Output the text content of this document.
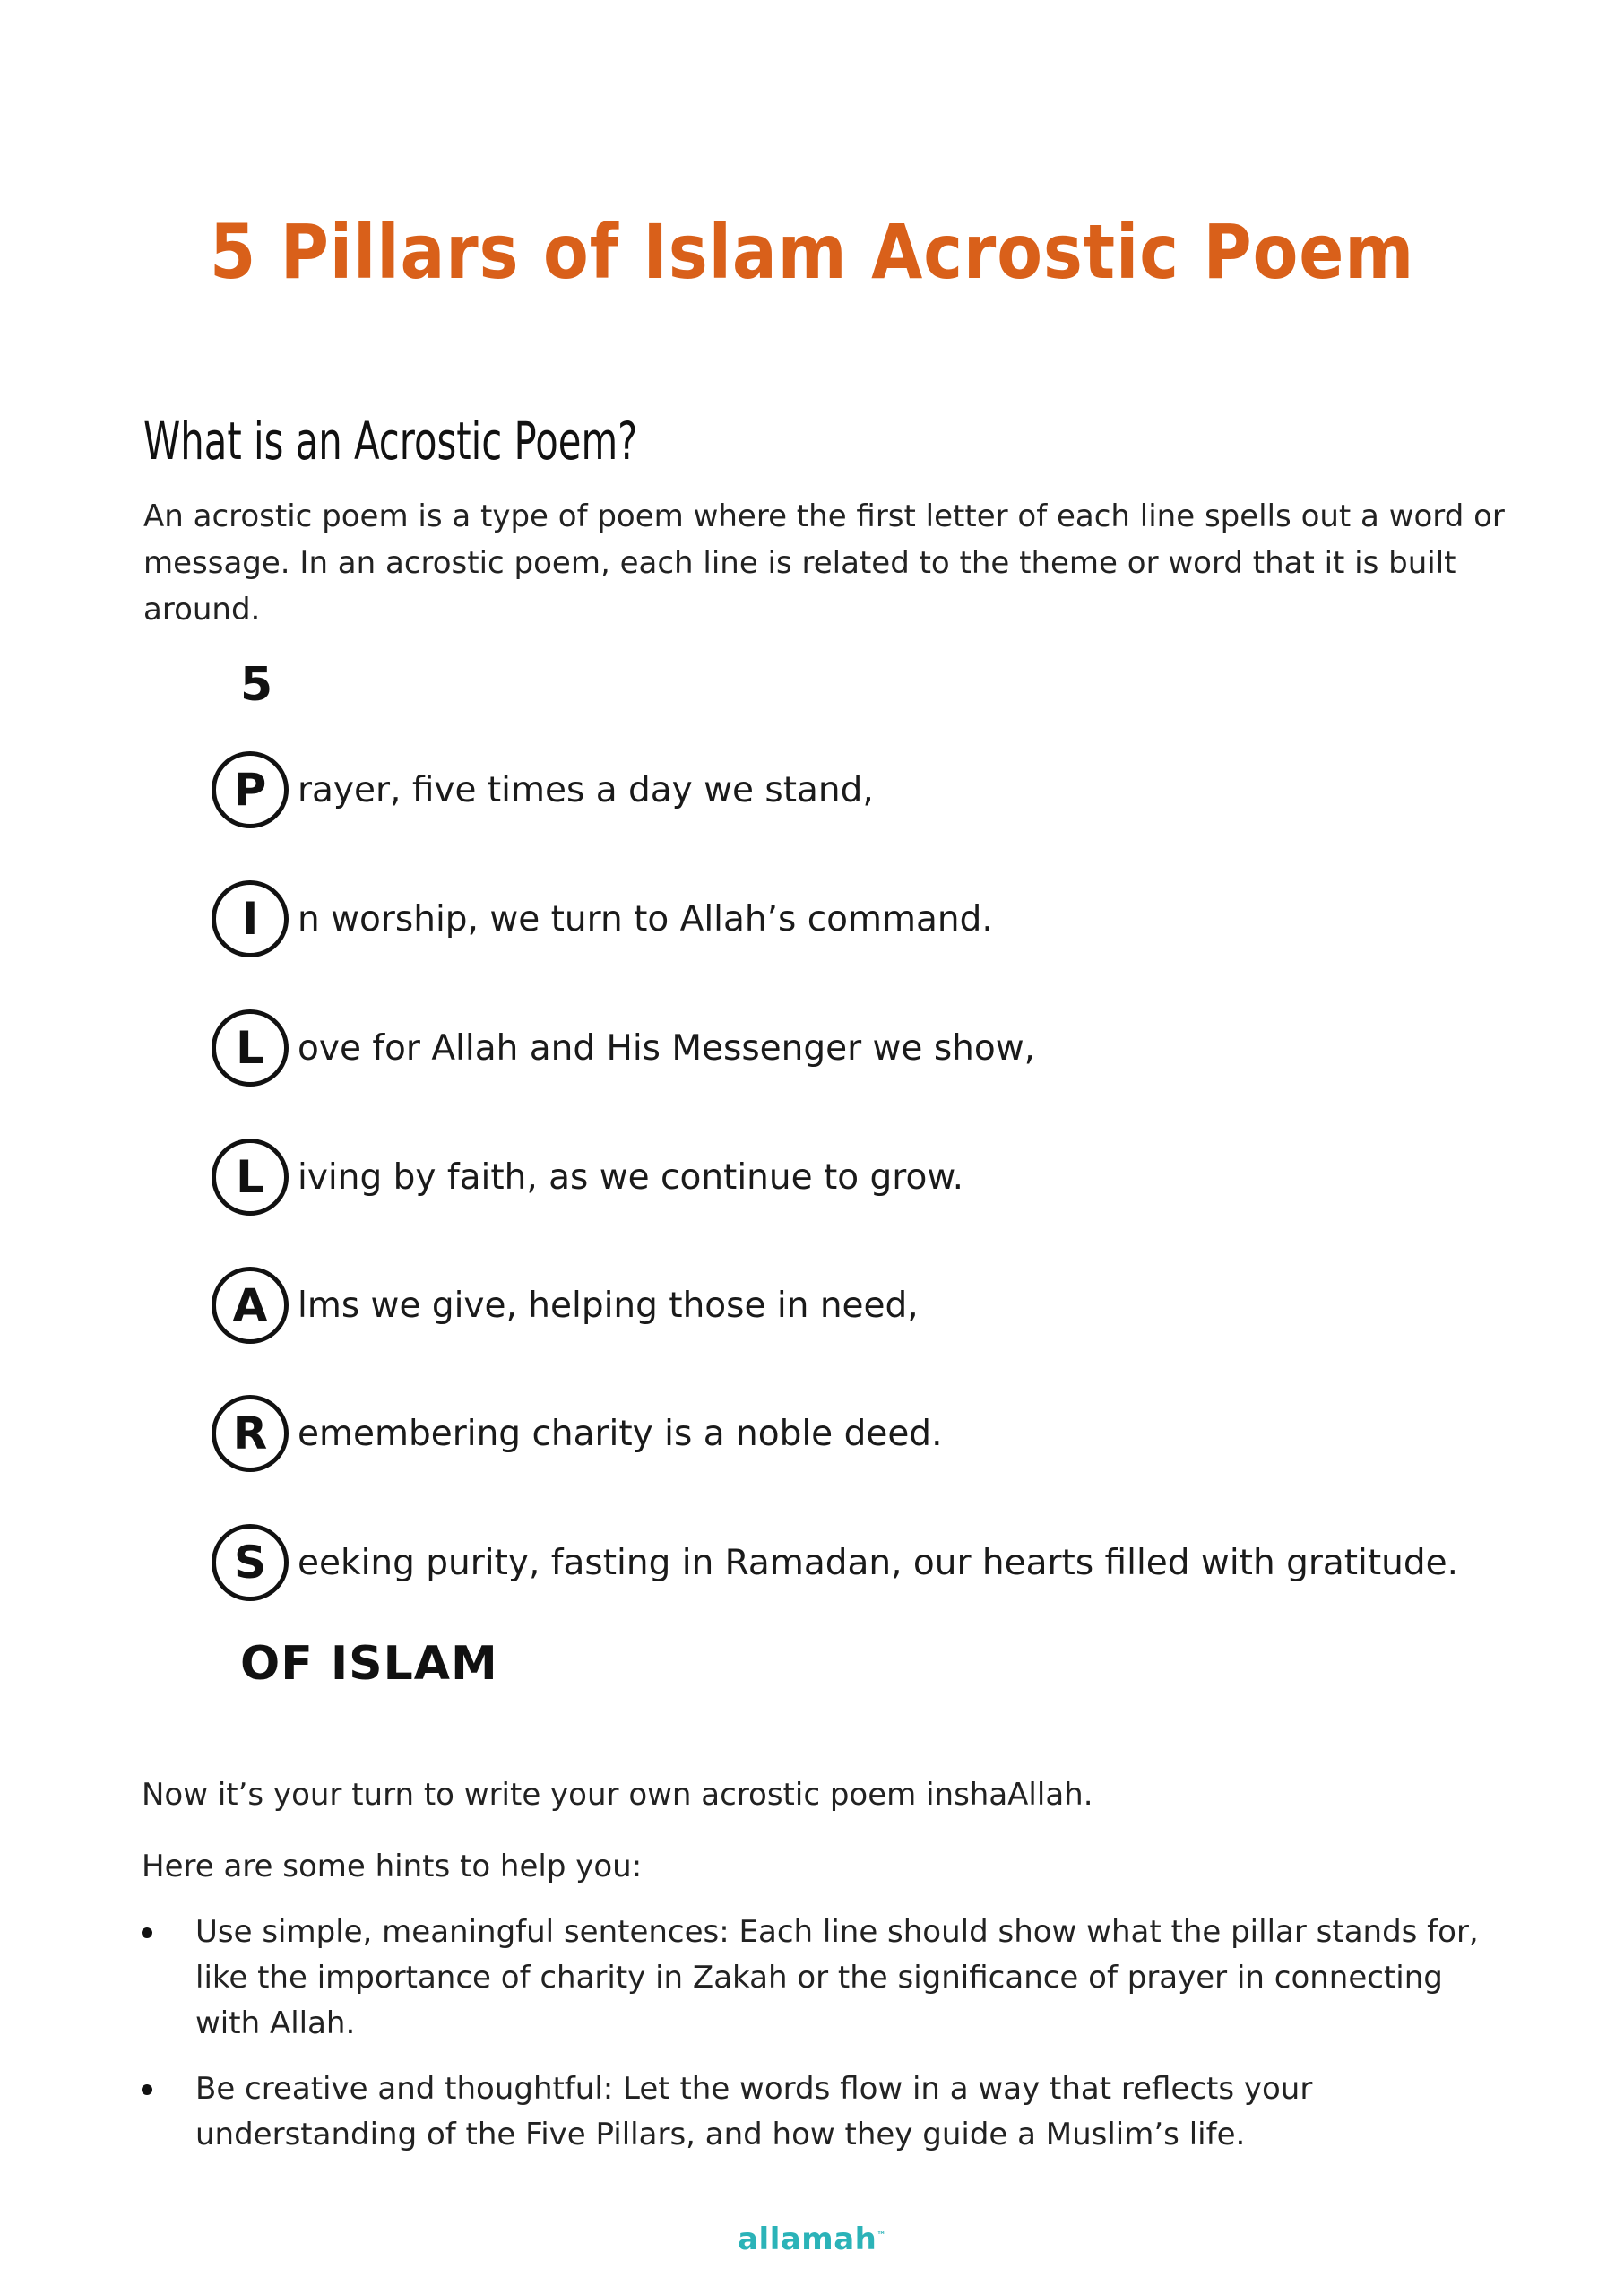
5 Pillars of Islam Acrostic Poem
What is an Acrostic Poem?
An acrostic poem is a type of poem where the first letter of each line spells out a word or message. In an acrostic poem, each line is related to the theme or word that it is built around.
5
P rayer, five times a day we stand,
I	n worship, we turn to Allah’s command.
L ove for Allah and His Messenger we show,
L iving by faith, as we continue to grow.
A lms we give, helping those in need,
R emembering charity is a noble deed.
S eeking purity, fasting in Ramadan, our hearts filled with gratitude.
OF ISLAM
Now it’s your turn to write your own acrostic poem inshaAllah.
Here are some hints to help you:
Use simple, meaningful sentences: Each line should show what the pillar stands for, like the importance of charity in Zakah or the significance of prayer in connecting with Allah.
Be creative and thoughtful: Let the words flow in a way that reflects your understanding of the Five Pillars, and how they guide a Muslim’s life.
allamah™
